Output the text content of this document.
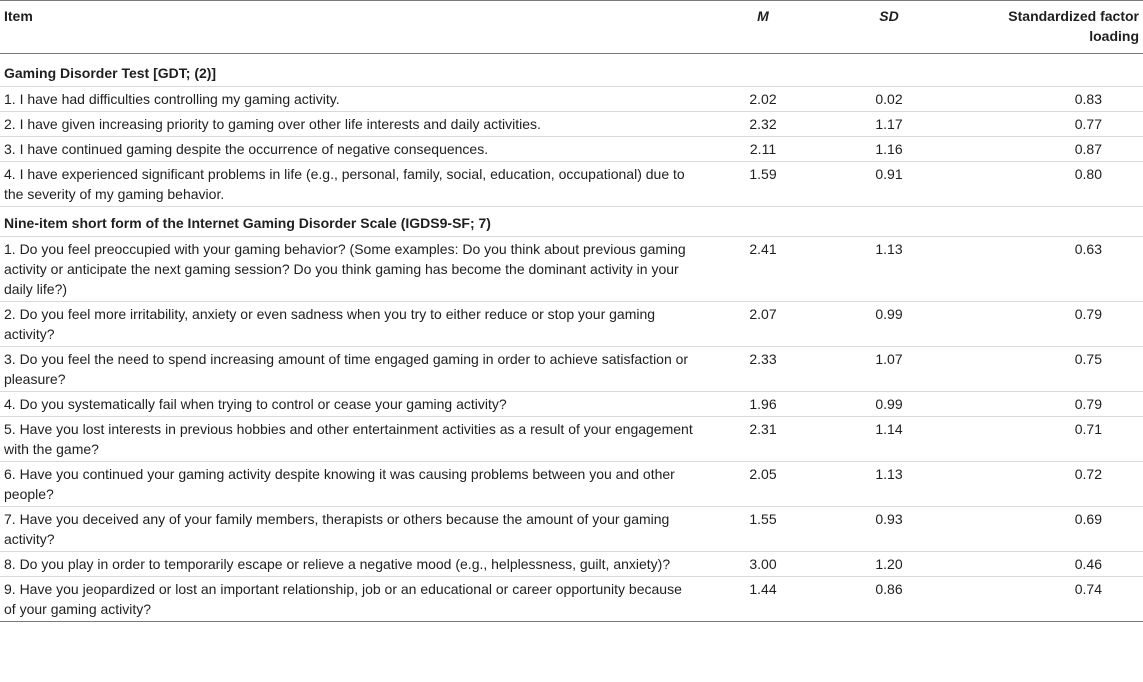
Item	M	SD	Standardized factor loading
Gaming Disorder Test [GDT; (2)]			
1. I have had difficulties controlling my gaming activity.	2.02	0.02	0.83
2. I have given increasing priority to gaming over other life interests and daily activities.	2.32	1.17	0.77
3. I have continued gaming despite the occurrence of negative consequences.	2.11	1.16	0.87
4. I have experienced significant problems in life (e.g., personal, family, social, education, occupational) due to the severity of my gaming behavior.	1.59	0.91	0.80
Nine-item short form of the Internet Gaming Disorder Scale (IGDS9-SF; 7)			
1. Do you feel preoccupied with your gaming behavior? (Some examples: Do you think about previous gaming activity or anticipate the next gaming session? Do you think gaming has become the dominant activity in your daily life?)	2.41	1.13	0.63
2. Do you feel more irritability, anxiety or even sadness when you try to either reduce or stop your gaming activity?	2.07	0.99	0.79
3. Do you feel the need to spend increasing amount of time engaged gaming in order to achieve satisfaction or pleasure?	2.33	1.07	0.75
4. Do you systematically fail when trying to control or cease your gaming activity?	1.96	0.99	0.79
5. Have you lost interests in previous hobbies and other entertainment activities as a result of your engagement with the game?	2.31	1.14	0.71
6. Have you continued your gaming activity despite knowing it was causing problems between you and other people?	2.05	1.13	0.72
7. Have you deceived any of your family members, therapists or others because the amount of your gaming activity?	1.55	0.93	0.69
8. Do you play in order to temporarily escape or relieve a negative mood (e.g., helplessness, guilt, anxiety)?	3.00	1.20	0.46
9. Have you jeopardized or lost an important relationship, job or an educational or career opportunity because of your gaming activity?	1.44	0.86	0.74
